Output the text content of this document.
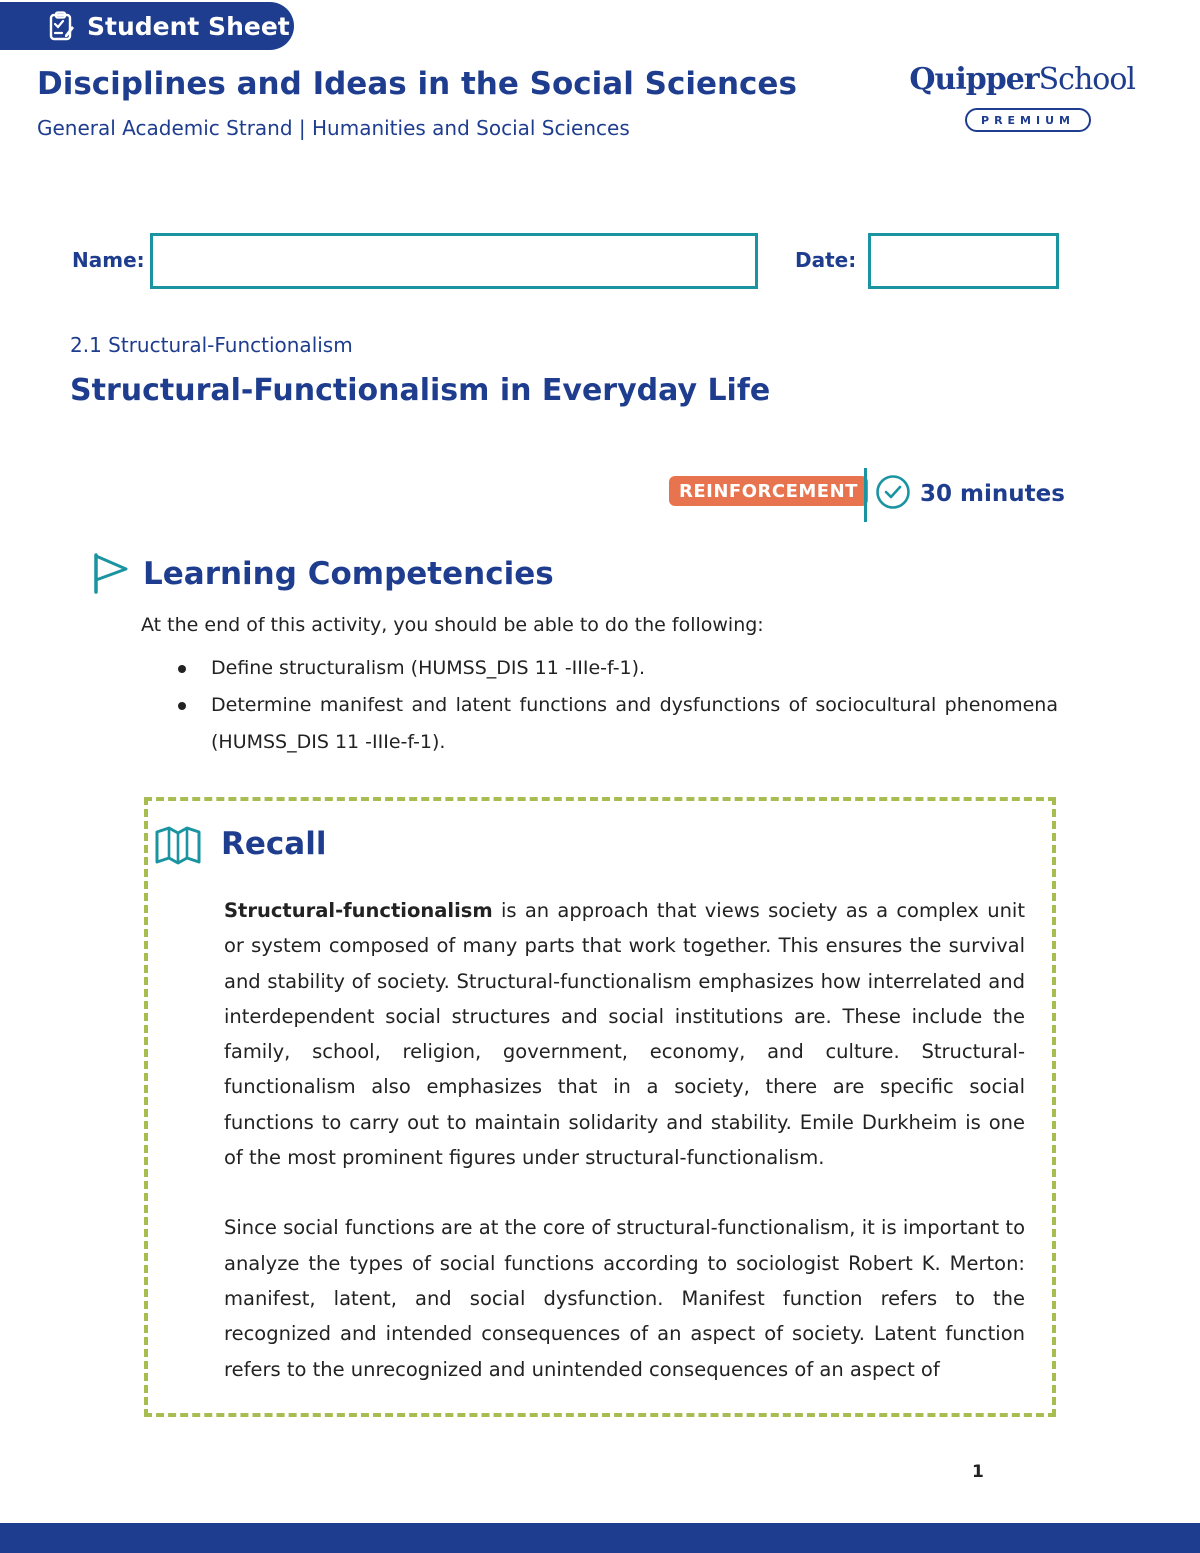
Student Sheet
Disciplines and Ideas in the Social Sciences
General Academic Strand | Humanities and Social Sciences
QuipperSchool
PREMIUM
Name:	Date:
2.1 Structural-Functionalism
Structural-Functionalism in Everyday Life
REINFORCEMENT	30 minutes
Learning Competencies
At the end of this activity, you should be able to do the following:
Define structuralism (HUMSS_DIS 11 -IIIe-f-1).
Determine manifest and latent functions and dysfunctions of sociocultural phenomena (HUMSS_DIS 11 -IIIe-f-1).
Recall

Structural-functionalism is an approach that views society as a complex unit or system composed of many parts that work together. This ensures the survival and stability of society. Structural-functionalism emphasizes how interrelated and interdependent social structures and social institutions are. These include the family, school, religion, government, economy, and culture. Structural-functionalism also emphasizes that in a society, there are specific social functions to carry out to maintain solidarity and stability. Emile Durkheim is one of the most prominent figures under structural-functionalism.

Since social functions are at the core of structural-functionalism, it is important to analyze the types of social functions according to sociologist Robert K. Merton: manifest, latent, and social dysfunction. Manifest function refers to the recognized and intended consequences of an aspect of society. Latent function refers to the unrecognized and unintended consequences of an aspect of

1
